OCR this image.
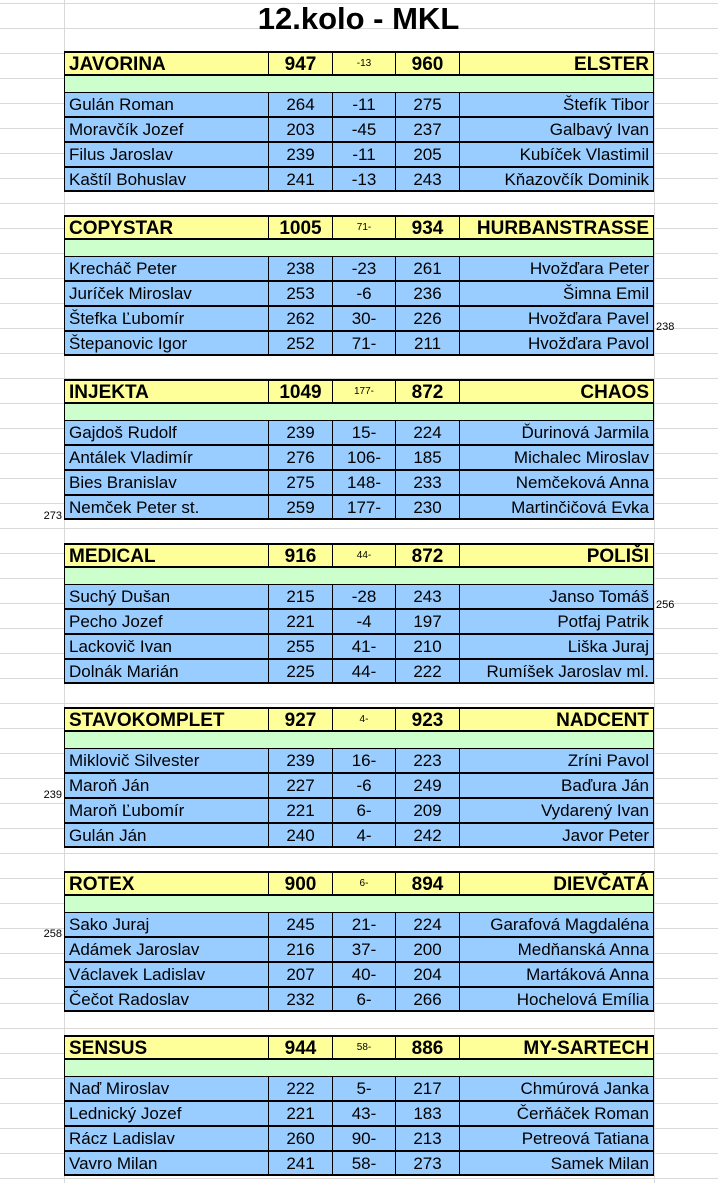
12.kolo - MKL
JAVORINA	947	-13	960	ELSTER
Gulán Roman	264	-11	275	Štefík Tibor
Moravčík Jozef	203	-45	237	Galbavý Ivan
Filus Jaroslav	239	-11	205	Kubíček Vlastimil
Kaštíl Bohuslav	241	-13	243	Kňazovčík Dominik
COPYSTAR	1005	71-	934	HURBANSTRASSE
Krecháč Peter	238	-23	261	Hvožďara Peter
Juríček Miroslav	253	-6	236	Šimna Emil
Štefka Ľubomír	262	30-	226	Hvožďara Pavel
Štepanovic Igor	252	71-	211	Hvožďara Pavol
INJEKTA	1049	177-	872	CHAOS
Gajdoš Rudolf	239	15-	224	Ďurinová Jarmila
Antálek Vladimír	276	106-	185	Michalec Miroslav
Bies Branislav	275	148-	233	Nemčeková Anna
Nemček Peter st.	259	177-	230	Martinčičová Evka
MEDICAL	916	44-	872	POLIŠI
Suchý Dušan	215	-28	243	Janso Tomáš
Pecho Jozef	221	-4	197	Potfaj Patrik
Lackovič Ivan	255	41-	210	Liška Juraj
Dolnák Marián	225	44-	222	Rumíšek Jaroslav ml.
STAVOKOMPLET	927	4-	923	NADCENT
Miklovič Silvester	239	16-	223	Zríni Pavol
Maroň Ján	227	-6	249	Baďura Ján
Maroň Ľubomír	221	6-	209	Vydarený Ivan
Gulán Ján	240	4-	242	Javor Peter
ROTEX	900	6-	894	DIEVČATÁ
Sako Juraj	245	21-	224	Garafová Magdaléna
Adámek Jaroslav	216	37-	200	Medňanská Anna
Václavek Ladislav	207	40-	204	Martáková Anna
Čečot Radoslav	232	6-	266	Hochelová Emília
SENSUS	944	58-	886	MY-SARTECH
Naď Miroslav	222	5-	217	Chmúrová Janka
Lednický Jozef	221	43-	183	Čerňáček Roman
Rácz Ladislav	260	90-	213	Petreová Tatiana
Vavro Milan	241	58-	273	Samek Milan
238
273
256
239
258
